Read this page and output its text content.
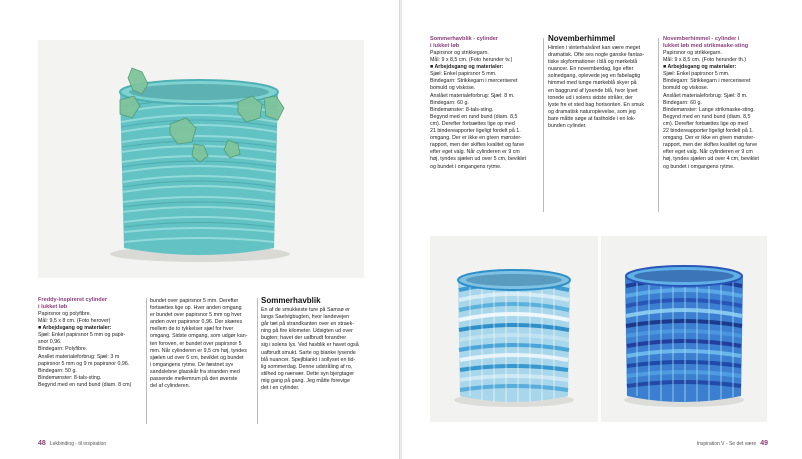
Freddy-inspireret cylinder
i lukket løb

Papirsnor og polyfibre.

Mål: 9,5 x 8 cm. (Foto herover)

■ Arbejdsgang og materialer:

Sjæl: Enkel papirsnor 5 mm og papir-

snor 0,96.

Bindegarn: Polyfibre.

Ansllet materialeforbrug: Sjæl: 3 m

papirsnor 5 mm og 9 m papirsnor 0,96.

Bindegarn: 50 g.

Bindemønster: 8-tals-sting.

Begynd med en rund bund (diam. 8 cm)

bundet over papirsnor 5 mm. Derefter

fortsættes lige op. Hver anden omgang

er bundet over papirsnor 5 mm og hver

anden over papirsnor 0,96. Der skæres

mellem de to tykkelser sjæl for hver

omgang. Sidste omgang, som udgør kan-

ten foroven, er bundet over papirsnor 5

mm. Når cylinderen er 9,5 cm høj, tyndes

sjælen ud over 6 cm, beviklet og bundet

i omgangens rytme. De fæstnet syv

sandslebne glasskår fra stranden med

passende mellemrum på den øverste

del af cylinderen.

Sommerhavblik

En af de smukkeste ture på Samsø er

langs Saelvigbugten, hvor landevejen

går tæt på strandkanten over en straek-

ning på fire kilometer. Udsigten ud over

bugten; havet der uafbrudt forandrer

sig i solens lys. Ved havblik er havet også

uafbrudt smukt. Sarte og blanke lysende

blå nuancer. Spejlblankt i sollyset en tid-

lig sommerdag. Denne udstråling af ro,

stilhed og nærvær. Dette syn bjergtager

mig gang på gang. Jeg måtte forevige

det i en cylinder.

48 Lekbinding - til inspiration
Sommerhavblik - cylinder
i lukket løb

Papirsnor og strikkegarn.

Mål: 9 x 8,5 cm. (Foto herunder tv.)

■ Arbejdsgang og materialer:

Sjæl: Enkel papirsnor 5 mm.

Bindegarn: Strikkegarn i merceriseret

bomuld og viskose.

Anslået materialeforbrug: Sjæl: 8 m.

Bindegarn: 60 g.

Bindemønster: 8-tals-sting.

Begynd med en rund bund (diam. 8,5

cm). Derefter fortsættes lige op med

21 bindereapporter ligeligt fordelt på 1.

omgang. Der er ikke en given mønster-

rapport, men der skiftes kvalitet og farve

efter eget valg. Når cylinderen er 9 cm

høj, tyndes sjælen ud over 5 cm, beviklet

og bundet i omgangens rytme.

Novemberhimmel

Himlen i vinterhalvåret kan være meget

dramatisk. Ofte ses nogle ganske fantas-

tiske skyformationer i blå og mørkeblå

nuancer. En novemberdag, lige efter

solnedgang, oplevede jeg en fabelagtig

himmel med tunge mørkeblå skyer på

en baggrund af lysende blå, hvor lyset

tonede ud i solens sidste stråler, der

lyste fre et sted bag horisonten. En smuk

og dramatisk naturoplevelse, som jeg

bare måtte søge at fastholde i en lok-

bunden cylinder.

Novemberhimmel - cylinder i
lukket løb med strikmaske-sting

Papirsnor og strikkegarn.

Mål: 9 x 8,5 cm. (Foto herunder th.)

■ Arbejdsgang og materialer:

Sjæl: Enkel papirsnor 5 mm.

Bindegarn: Strikkegarn i merceriseret

bomuld og viskose.

Anslået materialeforbrug: Sjæl: 8 m.

Bindegarn: 60 g.

Bindemønster: Lange strikmaske-sting.

Begynd med en rund bund (diam. 8,5

cm). Derefter fortsættes lige op med

22 bindereapporter ligeligt fordelt på 1.

omgang. Der er ikke en given mønster-

rapport, men der skiftes kvalitet og farve

efter eget valg. Når cylinderen er 9 cm

høj, tyndes sjælen ud over 4 cm, beviklet

og bundet i omgangens rytme.

Inspiration V - Se det være 49
